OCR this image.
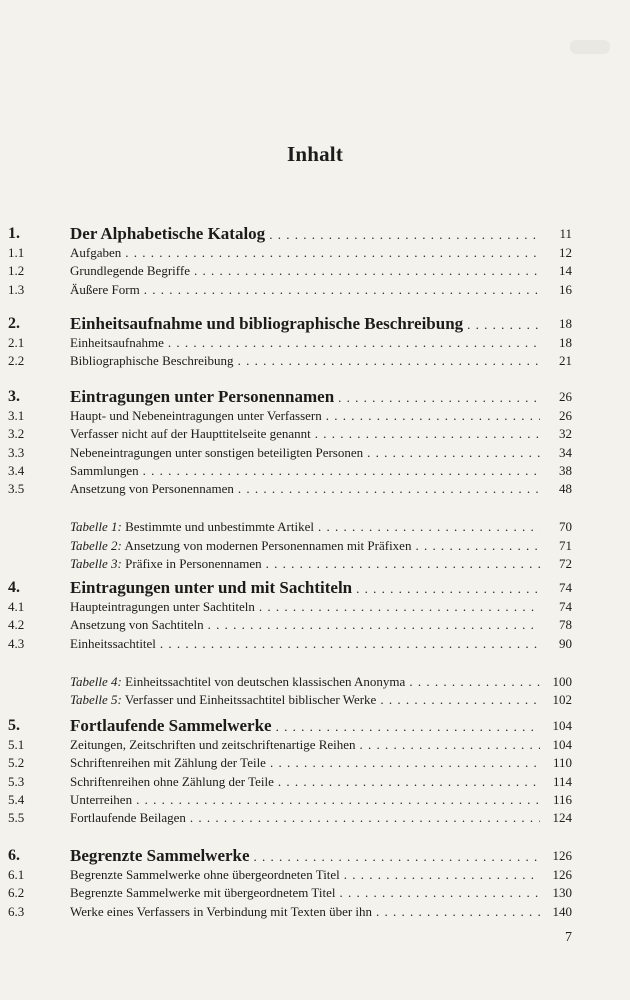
Inhalt
1.	Der Alphabetische Katalog . . .	11
1.1	Aufgaben . . .	12
1.2	Grundlegende Begriffe . . .	14
1.3	Äußere Form . . .	16
2.	Einheitsaufnahme und bibliographische Beschreibung . . .	18
2.1	Einheitsaufnahme . . .	18
2.2	Bibliographische Beschreibung . . .	21
3.	Eintragungen unter Personennamen . . .	26
3.1	Haupt- und Nebeneintragungen unter Verfassern . . .	26
3.2	Verfasser nicht auf der Haupttitelseite genannt . . .	32
3.3	Nebeneintragungen unter sonstigen beteiligten Personen . . .	34
3.4	Sammlungen . . .	38
3.5	Ansetzung von Personennamen . . .	48
Tabelle 1: Bestimmte und unbestimmte Artikel . . .	70
Tabelle 2: Ansetzung von modernen Personennamen mit Präfixen . . .	71
Tabelle 3: Präfixe in Personennamen . . .	72
4.	Eintragungen unter und mit Sachtiteln . . .	74
4.1	Haupteintragungen unter Sachtiteln . . .	74
4.2	Ansetzung von Sachtiteln . . .	78
4.3	Einheitssachtitel . . .	90
Tabelle 4: Einheitssachtitel von deutschen klassischen Anonyma . . .	100
Tabelle 5: Verfasser und Einheitssachtitel biblischer Werke . . .	102
5.	Fortlaufende Sammelwerke . . .	104
5.1	Zeitungen, Zeitschriften und zeitschriftenartige Reihen . . .	104
5.2	Schriftenreihen mit Zählung der Teile . . .	110
5.3	Schriftenreihen ohne Zählung der Teile . . .	114
5.4	Unterreihen . . .	116
5.5	Fortlaufende Beilagen . . .	124
6.	Begrenzte Sammelwerke . . .	126
6.1	Begrenzte Sammelwerke ohne übergeordneten Titel . . .	126
6.2	Begrenzte Sammelwerke mit übergeordnetem Titel . . .	130
6.3	Werke eines Verfassers in Verbindung mit Texten über ihn . . .	140
7
